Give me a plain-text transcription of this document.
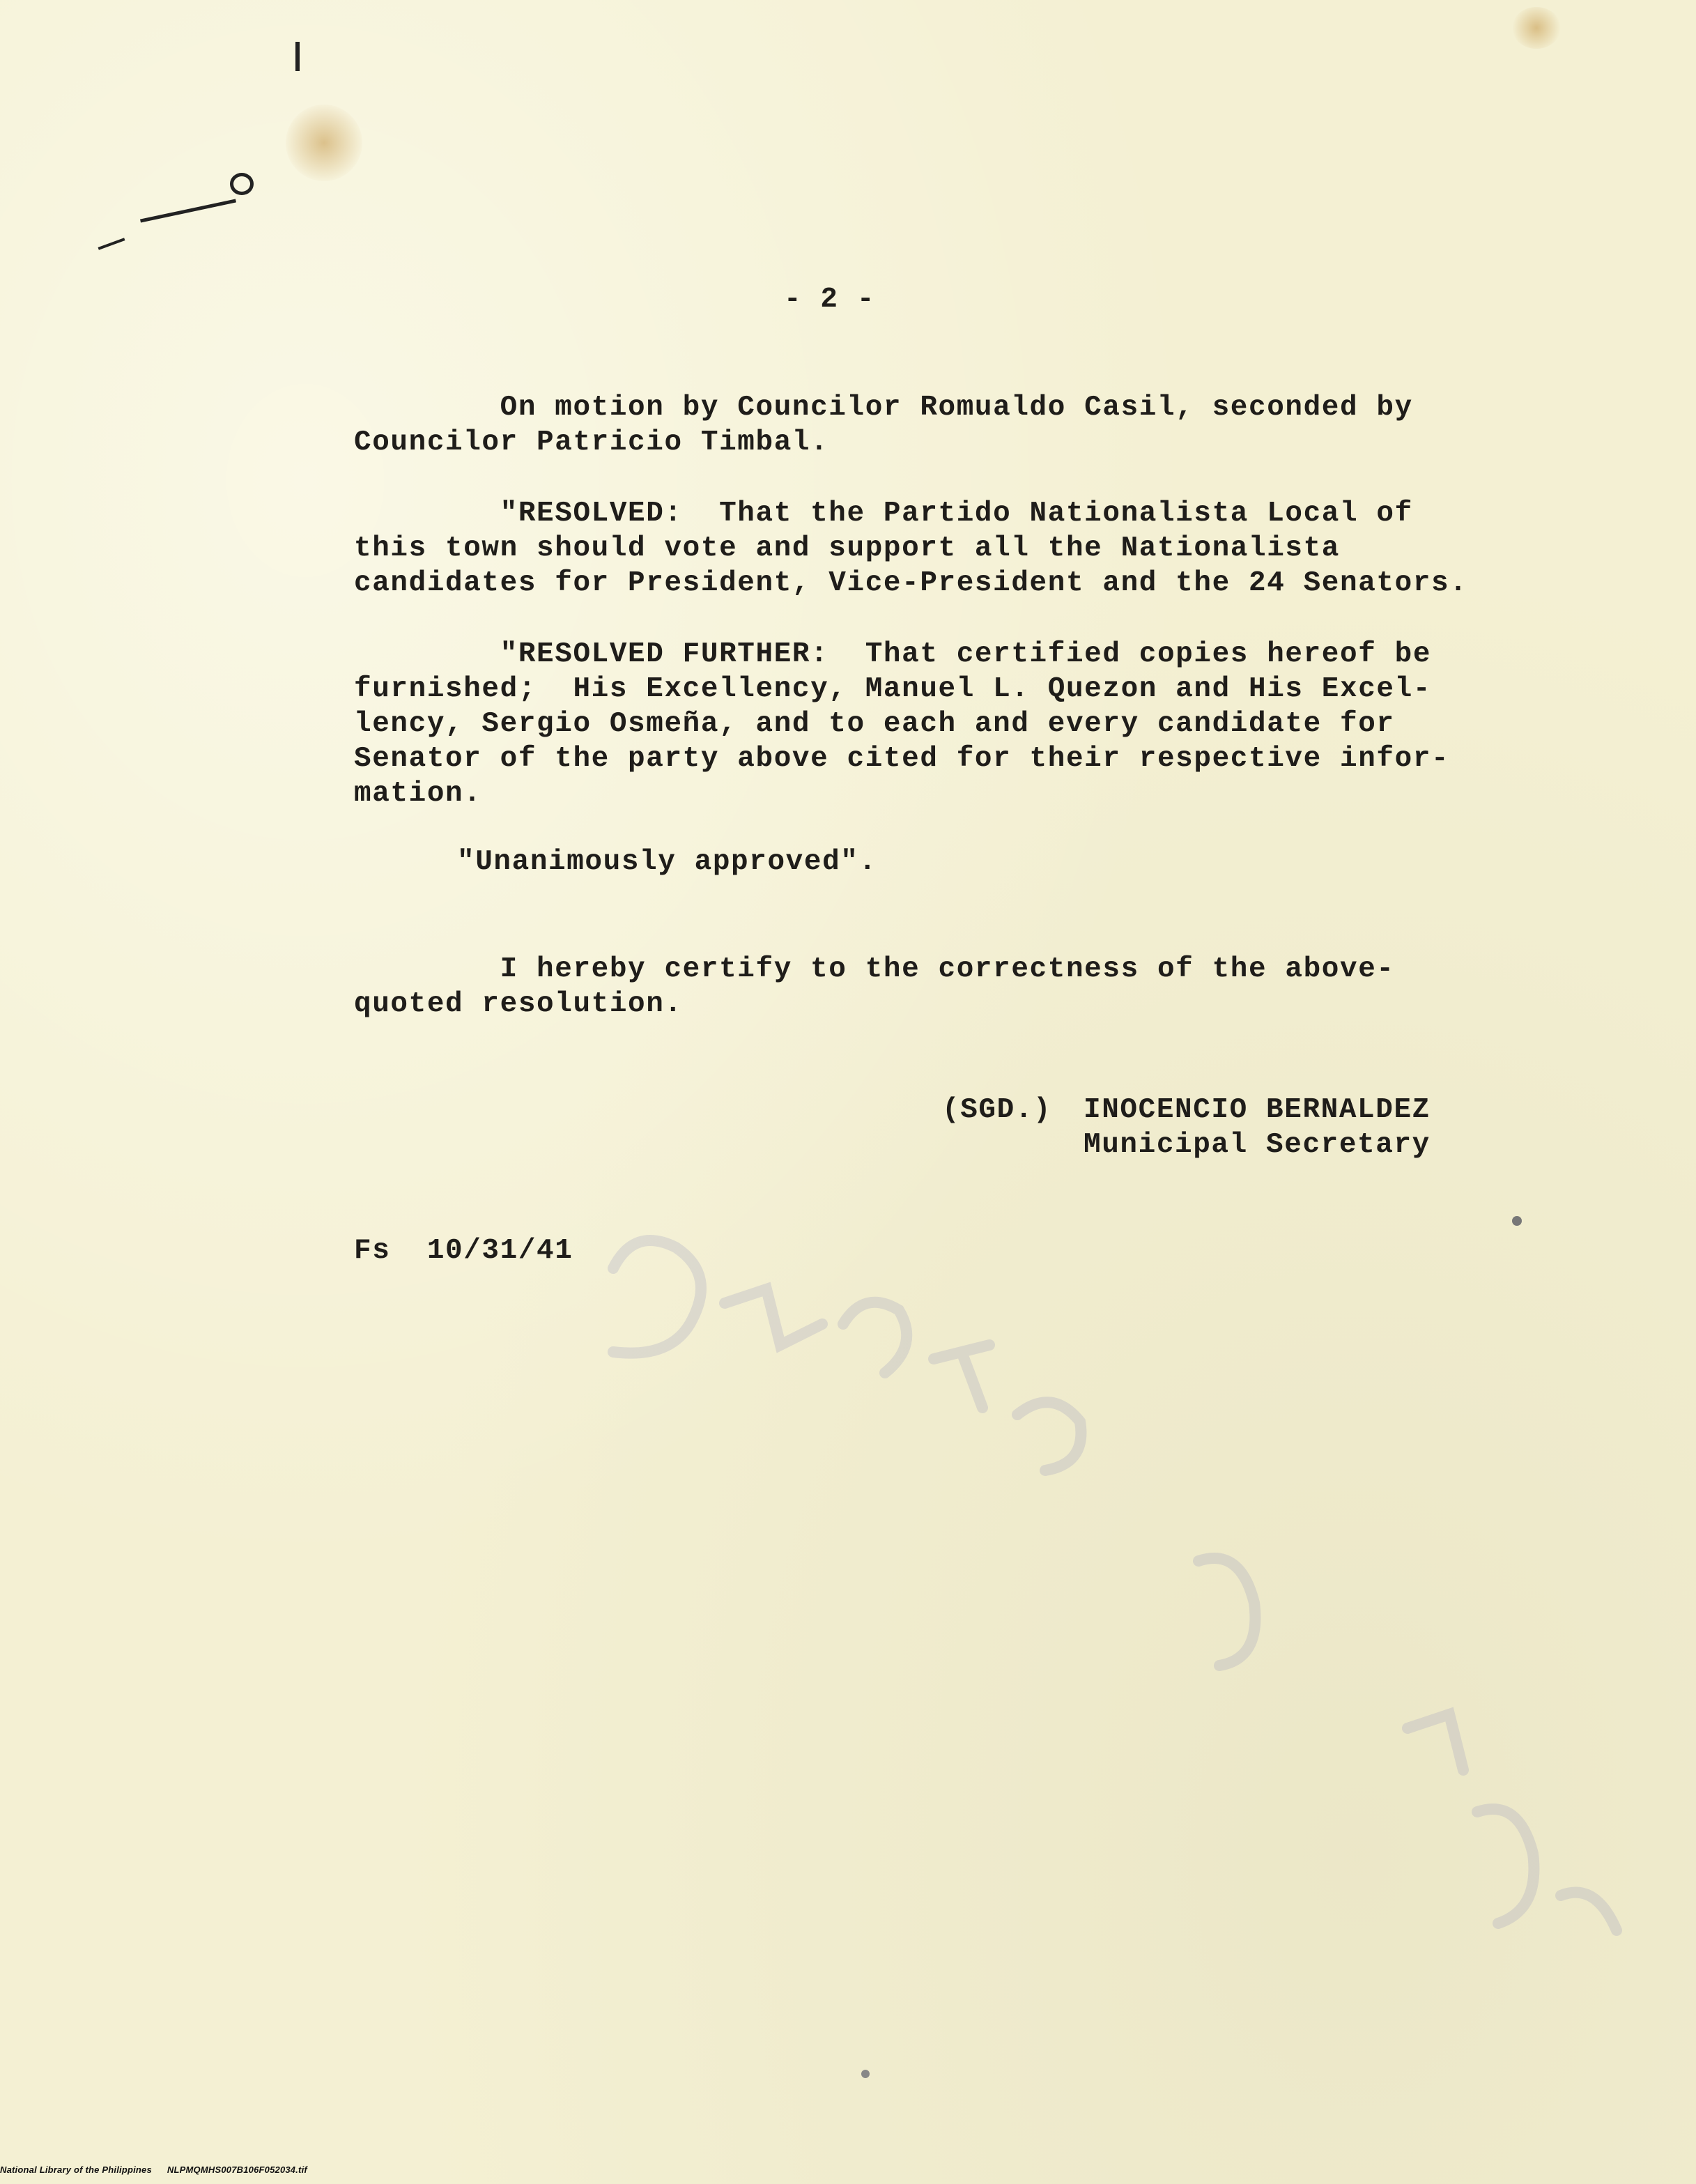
- 2 -
On motion by Councilor Romualdo Casil, seconded by
Councilor Patricio Timbal.
"RESOLVED:  That the Partido Nationalista Local of
this town should vote and support all the Nationalista
candidates for President, Vice-President and the 24 Senators.
"RESOLVED FURTHER:  That certified copies hereof be
furnished;  His Excellency, Manuel L. Quezon and His Excel-
lency, Sergio Osmeña, and to each and every candidate for
Senator of the party above cited for their respective infor-
mation.
"Unanimously approved".
I hereby certify to the correctness of the above-
quoted resolution.
(SGD.) INOCENCIO BERNALDEZ
Municipal Secretary
Fs  10/31/41
National Library of the Philippines NLPMQMHS007B106F052034.tif
